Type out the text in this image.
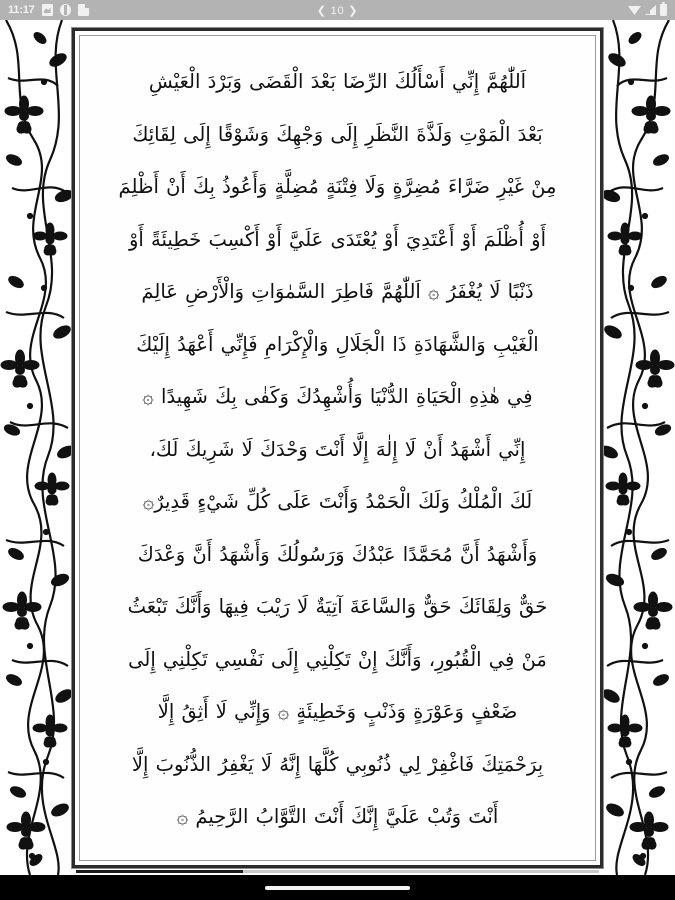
11:17	❮ 10 ❯
اَللّٰهُمَّ إِنِّي أَسْأَلُكَ الرِّضَا بَعْدَ الْقَضَى وَبَرْدَ الْعَيْشِ
بَعْدَ الْمَوْتِ وَلَذَّةَ النَّظَرِ إِلَى وَجْهِكَ وَشَوْقًا إِلَى لِقَائِكَ
مِنْ غَيْرِ ضَرَّاءَ مُضِرَّةٍ وَلَا فِتْنَةٍ مُضِلَّةٍ وَأَعُوذُ بِكَ أَنْ أَظْلِمَ
أَوْ أُظْلَمَ أَوْ أَعْتَدِيَ أَوْ يُعْتَدَى عَلَيَّ أَوْ أَكْسِبَ خَطِيئَةً أَوْ
ذَنْبًا لَا يُغْفَرُ ۞ اَللّٰهُمَّ فَاطِرَ السَّمٰوَاتِ وَالْأَرْضِ عَالِمَ
الْغَيْبِ وَالشَّهَادَةِ ذَا الْجَلَالِ وَالْإِكْرَامِ فَإِنِّي أَعْهَدُ إِلَيْكَ
فِي هٰذِهِ الْحَيَاةِ الدُّنْيَا وَأُشْهِدُكَ وَكَفٰى بِكَ شَهِيدًا ۞
إِنِّي أَشْهَدُ أَنْ لَا إِلٰهَ إِلَّا أَنْتَ وَحْدَكَ لَا شَرِيكَ لَكَ،
لَكَ الْمُلْكُ وَلَكَ الْحَمْدُ وَأَنْتَ عَلَى كُلِّ شَيْءٍ قَدِيرٌ۞
وَأَشْهَدُ أَنَّ مُحَمَّدًا عَبْدُكَ وَرَسُولُكَ وَأَشْهَدُ أَنَّ وَعْدَكَ
حَقٌّ وَلِقَائَكَ حَقٌّ وَالسَّاعَةَ آتِيَةٌ لَا رَيْبَ فِيهَا وَأَنَّكَ تَبْعَثُ
مَنْ فِي الْقُبُورِ، وَأَنَّكَ إِنْ تَكِلْنِي إِلَى نَفْسِي تَكِلْنِي إِلَى
ضَعْفٍ وَعَوْرَةٍ وَذَنْبٍ وَخَطِيئَةٍ ۞ وَإِنِّي لَا أَثِقُ إِلَّا
بِرَحْمَتِكَ فَاغْفِرْ لِي ذُنُوبِي كُلَّهَا إِنَّهُ لَا يَغْفِرُ الذُّنُوبَ إِلَّا
أَنْتَ وَتُبْ عَلَيَّ إِنَّكَ أَنْتَ التَّوَّابُ الرَّحِيمُ ۞
